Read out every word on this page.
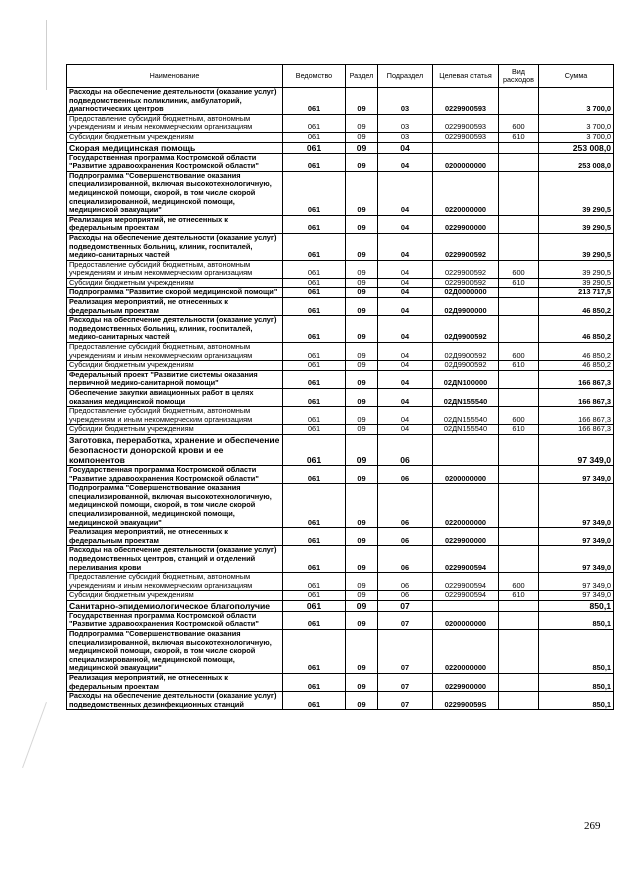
Наименование	Ведомство	Раздел	Подраздел	Целевая статья	Вид расходов	Сумма
Расходы на обеспечение деятельности (оказание услуг) подведомственных поликлиник, амбулаторий, диагностических центров	061	09	03	0229900593		3 700,0
Предоставление субсидий бюджетным, автономным учреждениям и иным некоммерческим организациям	061	09	03	0229900593	600	3 700,0
Субсидии бюджетным учреждениям	061	09	03	0229900593	610	3 700,0
Скорая медицинская помощь	061	09	04			253 008,0
Государственная программа Костромской области "Развитие здравоохранения Костромской области"	061	09	04	0200000000		253 008,0
Подпрограмма "Совершенствование оказания специализированной, включая высокотехнологичную, медицинской помощи, скорой, в том числе скорой специализированной, медицинской помощи, медицинской эвакуации"	061	09	04	0220000000		39 290,5
Реализация мероприятий, не отнесенных к федеральным проектам	061	09	04	0229900000		39 290,5
Расходы на обеспечение деятельности (оказание услуг) подведомственных больниц, клиник, госпиталей, медико-санитарных частей	061	09	04	0229900592		39 290,5
Предоставление субсидий бюджетным, автономным учреждениям и иным некоммерческим организациям	061	09	04	0229900592	600	39 290,5
Субсидии бюджетным учреждениям	061	09	04	0229900592	610	39 290,5
Подпрограмма "Развитие скорой медицинской помощи"	061	09	04	02Д0000000		213 717,5
Реализация мероприятий, не отнесенных к федеральным проектам	061	09	04	02Д9900000		46 850,2
Расходы на обеспечение деятельности (оказание услуг) подведомственных больниц, клиник, госпиталей, медико-санитарных частей	061	09	04	02Д9900592		46 850,2
Предоставление субсидий бюджетным, автономным учреждениям и иным некоммерческим организациям	061	09	04	02Д9900592	600	46 850,2
Субсидии бюджетным учреждениям	061	09	04	02Д9900592	610	46 850,2
Федеральный проект "Развитие системы оказания первичной медико-санитарной помощи"	061	09	04	02ДN100000		166 867,3
Обеспечение закупки авиационных работ в целях оказания медицинской помощи	061	09	04	02ДN155540		166 867,3
Предоставление субсидий бюджетным, автономным учреждениям и иным некоммерческим организациям	061	09	04	02ДN155540	600	166 867,3
Субсидии бюджетным учреждениям	061	09	04	02ДN155540	610	166 867,3
Заготовка, переработка, хранение и обеспечение безопасности донорской крови и ее компонентов	061	09	06			97 349,0
Государственная программа Костромской области "Развитие здравоохранения Костромской области"	061	09	06	0200000000		97 349,0
Подпрограмма "Совершенствование оказания специализированной, включая высокотехнологичную, медицинской помощи, скорой, в том числе скорой специализированной, медицинской помощи, медицинской эвакуации"	061	09	06	0220000000		97 349,0
Реализация мероприятий, не отнесенных к федеральным проектам	061	09	06	0229900000		97 349,0
Расходы на обеспечение деятельности (оказание услуг) подведомственных центров, станций и отделений переливания крови	061	09	06	0229900594		97 349,0
Предоставление субсидий бюджетным, автономным учреждениям и иным некоммерческим организациям	061	09	06	0229900594	600	97 349,0
Субсидии бюджетным учреждениям	061	09	06	0229900594	610	97 349,0
Санитарно-эпидемиологическое благополучие	061	09	07			850,1
Государственная программа Костромской области "Развитие здравоохранения Костромской области"	061	09	07	0200000000		850,1
Подпрограмма "Совершенствование оказания специализированной, включая высокотехнологичную, медицинской помощи, скорой, в том числе скорой специализированной, медицинской помощи, медицинской эвакуации"	061	09	07	0220000000		850,1
Реализация мероприятий, не отнесенных к федеральным проектам	061	09	07	0229900000		850,1
Расходы на обеспечение деятельности (оказание услуг) подведомственных дезинфекционных станций	061	09	07	022990059S		850,1
269
